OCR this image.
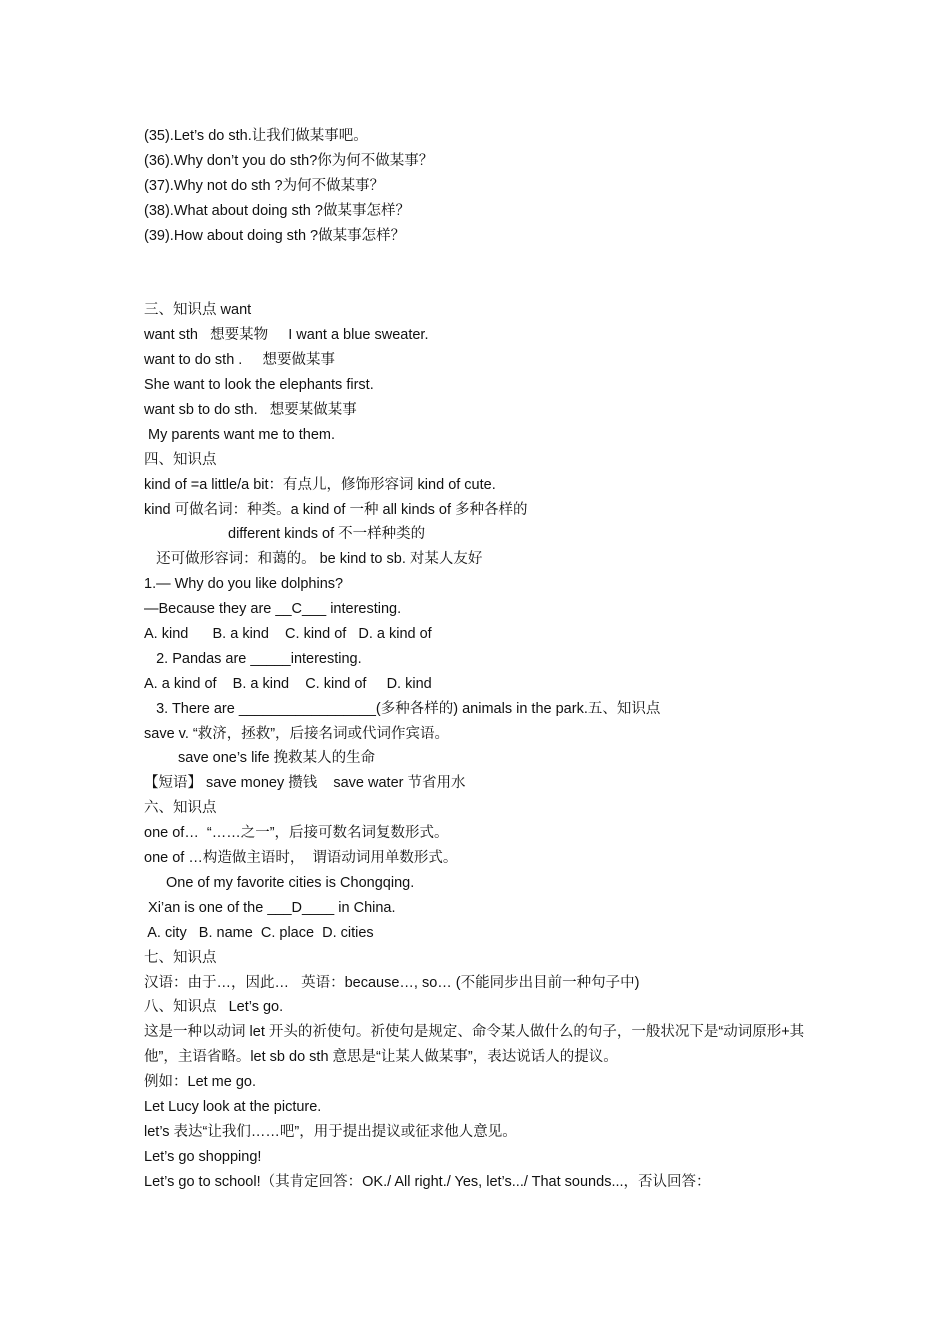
(35).Let’s do sth.让我们做某事吧。
(36).Why don’t you do sth?你为何不做某事？
(37).Why not do sth ?为何不做某事？
(38).What about doing sth ?做某事怎样？
(39).How about doing sth ?做某事怎样？
三、知识点 want
want sth   想要某物     I want a blue sweater.
want to do sth .     想要做某事
She want to look the elephants first.
want sb to do sth.   想要某做某事
My parents want me to them.
四、知识点
kind of =a little/a bit：有点儿，修饰形容词 kind of cute.
kind 可做名词：种类。a kind of 一种 all kinds of 多种各样的
different kinds of 不一样种类的
还可做形容词：和蔼的。 be kind to sb. 对某人友好
1.— Why do you like dolphins?
—Because they are __C___ interesting.
A. kind      B. a kind    C. kind of   D. a kind of
2. Pandas are _____interesting.
A. a kind of    B. a kind    C. kind of     D. kind
3. There are _________________(多种各样的) animals in the park.五、知识点
save v. “救济，拯救”，后接名词或代词作宾语。
save one’s life 挽救某人的生命
【短语】 save money 攒钱    save water 节省用水
六、知识点
one of…  “……之一”，后接可数名词复数形式。
one of …构造做主语时，  谓语动词用单数形式。
One of my favorite cities is Chongqing.
Xi’an is one of the ___D____ in China.
A. city   B. name  C. place  D. cities
七、知识点
汉语：由于…，因此…   英语：because…, so… (不能同步出目前一种句子中)
八、知识点   Let’s go.
这是一种以动词 let 开头的祈使句。祈使句是规定、命令某人做什么的句子，一般状况下是“动词原形+其他”，主语省略。let sb do sth 意思是“让某人做某事”，表达说话人的提议。
例如：Let me go.
Let Lucy look at the picture.
let’s 表达“让我们……吧”，用于提出提议或征求他人意见。
Let’s go shopping!
Let’s go to school!（其肯定回答：OK./ All right./ Yes, let’s.../ That sounds...，否认回答：
